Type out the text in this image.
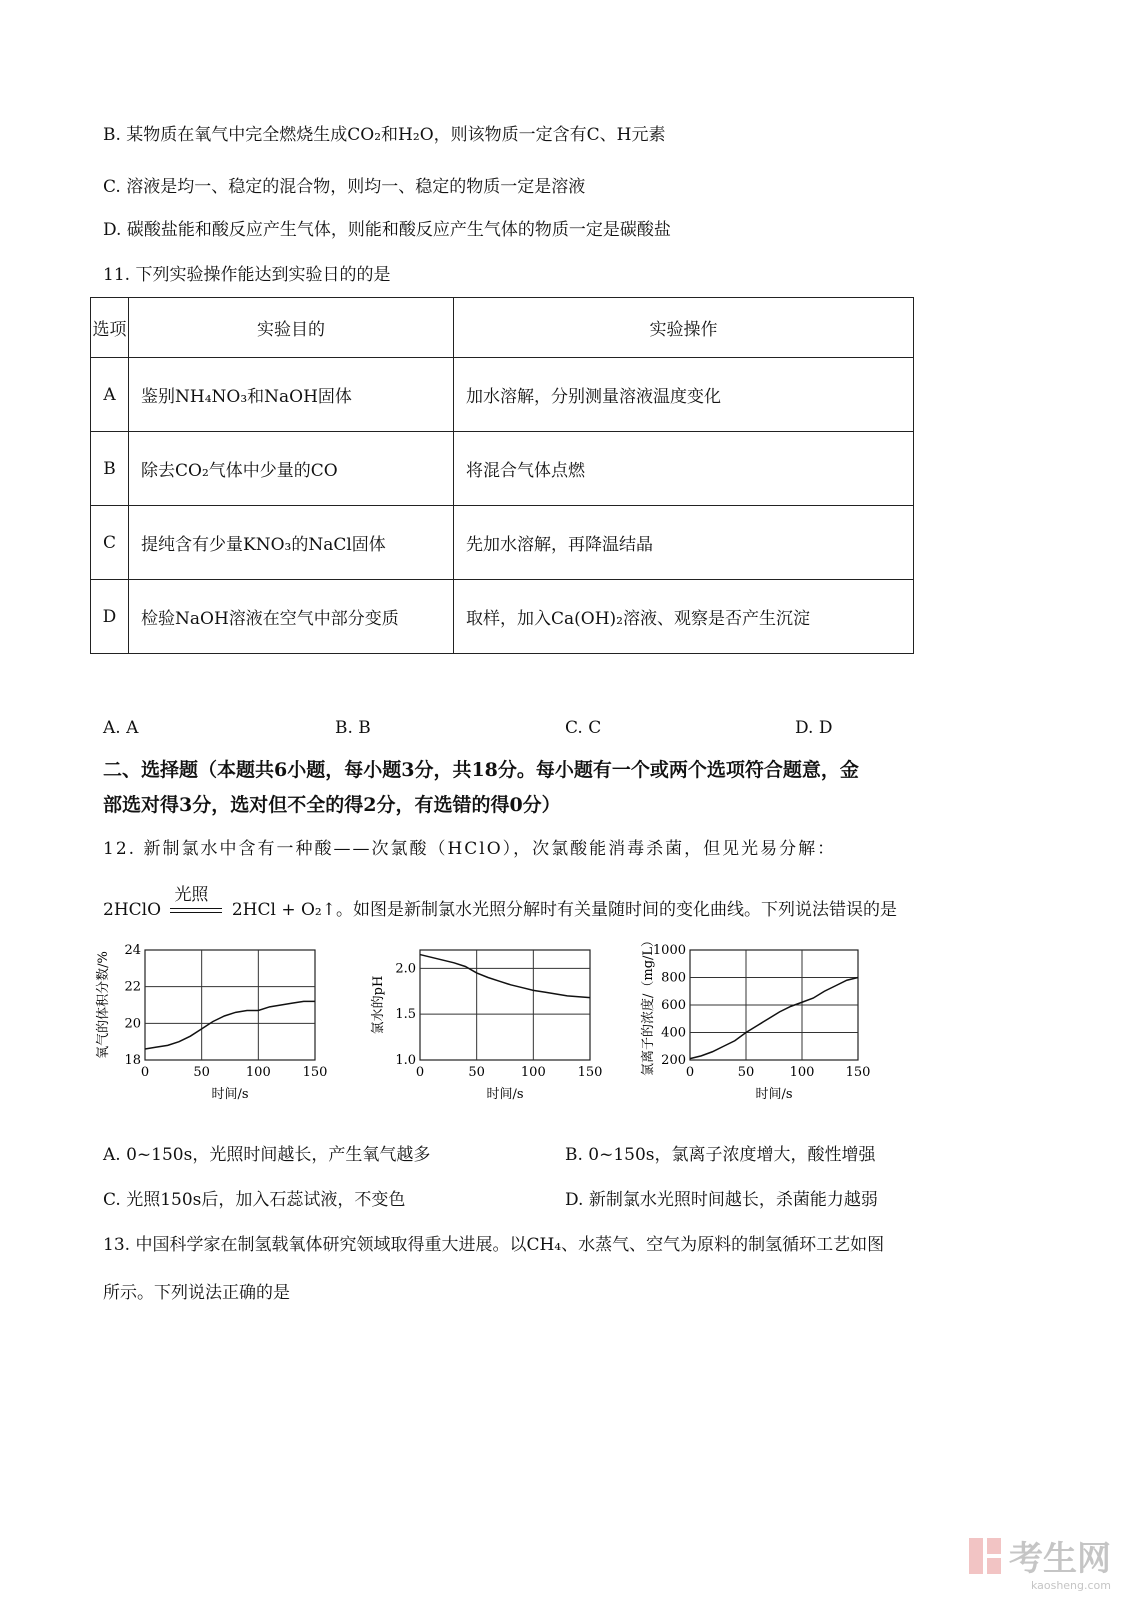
B. 某物质在氧气中完全燃烧生成CO₂和H₂O，则该物质一定含有C、H元素
C. 溶液是均一、稳定的混合物，则均一、稳定的物质一定是溶液
D. 碳酸盐能和酸反应产生气体，则能和酸反应产生气体的物质一定是碳酸盐
11. 下列实验操作能达到实验日的的是
选项	实验目的	实验操作
A	鉴别NH₄NO₃和NaOH固体	加水溶解，分别测量溶液温度变化
B	除去CO₂气体中少量的CO	将混合气体点燃
C	提纯含有少量KNO₃的NaCl固体	先加水溶解，再降温结晶
D	检验NaOH溶液在空气中部分变质	取样，加入Ca(OH)₂溶液、观察是否产生沉淀
A. A	B. B	C. C	D. D
二、选择题（本题共6小题，每小题3分，共18分。每小题有一个或两个选项符合题意，金
部选对得3分，选对但不全的得2分，有选错的得0分）
12. 新制氯水中含有一种酸——次氯酸（HClO），次氯酸能消毒杀菌，但见光易分解：
2HClO
光照
2HCl + O₂↑。如图是新制氯水光照分解时有关量随时间的变化曲线。下列说法错误的是
0	50	100 150
18
20
22
24
时间/s
氧气的体积分数/%
0	50	100 150
1.0
1.5
2.0
时间/s
氯水的pH
0	50	100 150
200
400
600
800
1000
时间/s
氯离子的浓度/（mg/L）
A. 0~150s，光照时间越长，产生氧气越多	B. 0~150s，氯离子浓度增大，酸性增强
C. 光照150s后，加入石蕊试液，不变色	D. 新制氯水光照时间越长，杀菌能力越弱
13. 中国科学家在制氢载氧体研究领域取得重大进展。以CH₄、水蒸气、空气为原料的制氢循环工艺如图
所示。下列说法正确的是
考生网
kaosheng.com
